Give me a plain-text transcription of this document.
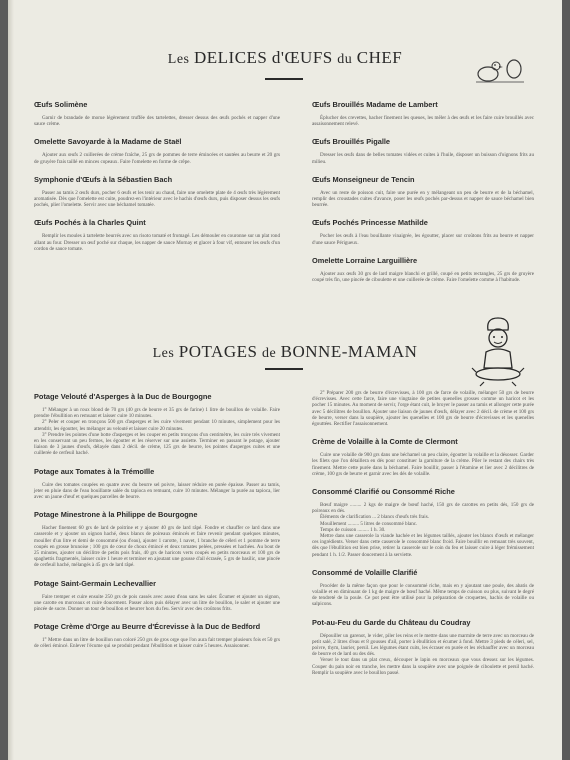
Les DELICES d'ŒUFS du CHEF
Œufs Solimène
Garnir de brandade de morue légèrement truffée des tartelettes, dresser dessus des œufs pochés et napper d'une sauce crème.
Omelette Savoyarde à la Madame de Staël
Ajouter aux œufs 2 cuillerées de crème fraîche, 25 grs de pommes de terre émincées et sautées au beurre et 20 grs de gruyère frais taillé en minces copeaux. Faire l'omelette en forme de crêpe.
Symphonie d'Œufs à la Sébastien Bach
Passer au tamis 2 œufs durs, pocher 6 œufs et les tenir au chaud, faire une omelette plate de 4 œufs très légèrement aromatisée. Dès que l'omelette est cuite, poudrez-en l'intérieur avec le hachis d'œufs durs, puis disposer dessus les œufs pochés, plier l'omelette. Servir avec une béchamel tomatée.
Œufs Pochés à la Charles Quint
Remplir les moules à tartelette beurrés avec un risoto tomaté et fromagé. Les démouler en couronne sur un plat rond allant au four. Dresser un œuf poché sur chaque, les napper de sauce Mornay et glacer à four vif, entourer les œufs d'un cordon de sauce tomate.
Œufs Brouillés Madame de Lambert
Éplucher des crevettes, hacher finement les queues, les mêler à des œufs et les faire cuire brouillés avec assaisonnement relevé.
Œufs Brouillés Pigalle
Dresser les œufs dans de belles tomates vidées et cuites à l'huile, disposer un buisson d'oignons frits au milieu.
Œufs Monseigneur de Tencin
Avec un reste de poisson cuit, faire une purée en y mélangeant un peu de beurre et de la béchamel, remplir des croustades cuites d'avance, poser les œufs pochés par-dessus et napper de sauce béchamel bien beurrée.
Œufs Pochés Princesse Mathilde
Pocher les œufs à l'eau bouillante vinaigrée, les égoutter, placer sur croûtons frits au beurre et napper d'une sauce Périgueux.
Omelette Lorraine Larguillière
Ajouter aux œufs 30 grs de lard maigre blanchi et grillé, coupé en petits rectangles, 25 grs de gruyère coupé très fin, une pincée de ciboulette et une cuillerée de crème. Faire l'omelette comme à l'habitude.
Les POTAGES de BONNE-MAMAN
Potage Velouté d'Asperges à la Duc de Bourgogne
1° Mélanger à un roux blond de 70 grs (40 grs de beurre et 35 grs de farine) 1 litre de bouillon de volaille. Faire prendre l'ébullition en remuant et laisser cuire 10 minutes.
2° Peler et couper en tronçons 500 grs d'asperges et les cuire vivement pendant 10 minutes, simplement pour les attendrir, les égoutter, les mélanger au velouté et laisser cuire 20 minutes.
3° Prendre les pointes d'une botte d'asperges et les couper en petits tronçons d'un centimètre, les cuire très vivement en les conservant un peu fermes, les égoutter et les réserver sur une assiette. Terminer en passant le potage, ajouter liaison de 3 jaunes d'œufs, délayée dans 2 décil. de crème, 125 grs de beurre, les pointes d'asperges cuites et une cuillerée de cerfeuil haché.
Potage aux Tomates à la Trémoïlle
Cuire des tomates coupées en quatre avec du beurre sel poivre, laisser réduire en purée épaisse. Passer au tamis, jeter en pluie dans de l'eau bouillante salée du tapioca en remuant, cuire 10 minutes. Mélanger la purée au tapioca, lier avec un jaune d'œuf et quelques parcelles de beurre.
Potage Minestrone à la Philippe de Bourgogne
Hacher finement 60 grs de lard de poitrine et y ajouter 40 grs de lard râpé. Fondre et chauffer ce lard dans une casserole et y ajouter un oignon haché, deux blancs de poireaux émincés et faire revenir pendant quelques minutes, mouiller d'un litre et demi de consommé (ou d'eau), ajouter 1 carotte, 1 navet, 1 branche de céleri et 1 pomme de terre coupés en grosse brunoise ; 100 grs de cœur de choux émincé et deux tomates pelées, pressées et hachées. Au bout de 25 minutes, ajouter un décilitre de petits pois frais, 40 grs de haricots verts coupés en petits morceaux et 100 grs de spaghettis fragmentés, laisser cuire 1 heure et terminer en ajoutant une gousse d'ail écrasée, 5 grs de basilic, une pincée de cerfeuil haché, mélangés à 45 grs de lard râpé.
Potage Saint-Germain Lechevallier
Faire tremper et cuire ensuite 250 grs de pois cassés avec assez d'eau sans les saler. Écumer et ajouter un oignon, une carotte en morceaux et cuire doucement. Passer alors puis délayer avec un litre de bouillon, le saler et ajouter une pincée de sucre. Donner un tour de bouillon et beurrer hors du feu. Servir avec des croûtons frits.
Potage Crème d'Orge au Beurre d'Écrevisse à la Duc de Bedford
1° Mettre dans un litre de bouillon non coloré 250 grs de gros orge que l'on aura fait tremper plusieurs fois et 50 grs de céleri émincé. Enlever l'écume qui se produit pendant l'ébullition et laisser cuire 5 heures. Assaisonner.
2° Préparer 200 grs de beurre d'écrevisses, à 100 grs de farce de volaille, mélanger 50 grs de beurre d'écrevisses. Avec cette farce, faire une vingtaine de petites quenelles grosses comme un haricot et les pocher 15 minutes. Au moment de servir, l'orge étant cuit, le broyer le passer au tamis et allonger cette purée avec 5 décilitres de bouillon. Ajouter une liaison de jaunes d'œufs, délayer avec 2 décil. de crème et 100 grs de beurre, verser dans la soupière, ajouter les quenelles et 100 grs de beurre d'écrevisses et les quenelles égouttées. Rectifier l'assaisonnement.
Crème de Volaille à la Comte de Clermont
Cuire une volaille de 900 grs dans une béchamel un peu claire, égoutter la volaille et la désosser. Garder les filets que l'on détaillera en dés pour constituer la garniture de la crème. Piler le restant des chairs très finement. Mettre cette purée dans la béchamel. Faire bouillir, passer à l'étamine et lier avec 2 décilitres de crème, 100 grs de beurre et garnir avec les dés de volaille.
Consommé Clarifié ou Consommé Riche
Bœuf maigre ......... 2 kgs de maigre de bœuf haché, 150 grs de carottes en petits dés, 150 grs de poireaux en dés.
Éléments de clarification ... 2 blancs d'œufs très frais.
Mouillement ......... 5 litres de consommé blanc.
Temps de cuisson ......... 1 h. 30.
Mettre dans une casserole la viande hachée et les légumes taillés, ajouter les blancs d'œufs et mélanger ces ingrédients. Verser dans cette casserole le consommé blanc froid. Faire bouillir en remuant très souvent, dès que l'ébullition est bien prise, retirer la casserole sur le coin du feu et laisser cuire à léger frémissement pendant 1 h. 1/2. Passer doucement à la serviette.
Consommé de Volaille Clarifié
Procéder de la même façon que pour le consommé riche, mais en y ajoutant une poule, des abatis de volaille et en diminuant de 1 kg de maigre de bœuf haché. Même temps de cuisson ou plus, suivant le degré de tendreté de la poule. Ce pot peut être utilisé pour la préparation de croquettes, hachis de volaille ou salpicons.
Pot-au-Feu du Garde du Château du Coudray
Dépouiller un garenot, le vider, piler les reins et le mettre dans une marmite de terre avec un morceau de petit salé, 2 litres d'eau et 8 gousses d'ail, porter à ébullition et écumer à fond. Mettre 3 pieds de céleri, sel, poivre, thym, laurier, persil. Les légumes étant cuits, les écraser en purée et les réchauffer avec un morceau de beurre et de lard ou des dés.
Verser le tout dans un plat creux, découper le lapin en morceaux que vous dressez sur les légumes. Couper du pain noir en tranche, les mettre dans la soupière avec une poignée de ciboulette et persil haché. Remplir la soupière avec le bouillon passé.
